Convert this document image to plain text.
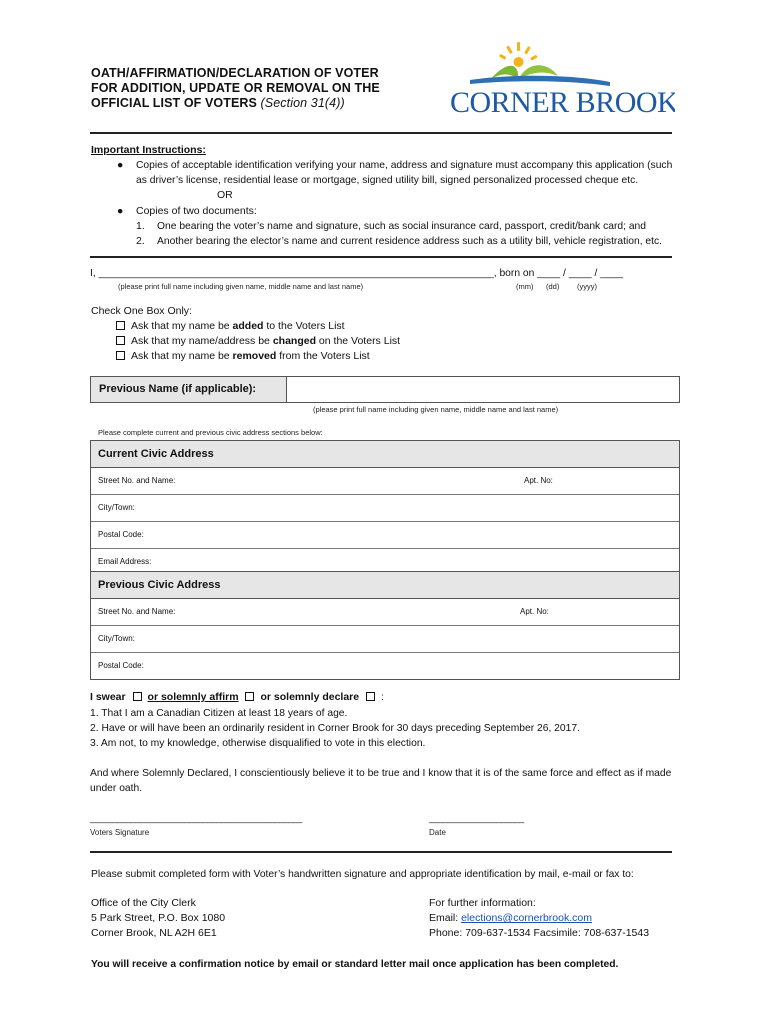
OATH/AFFIRMATION/DECLARATION OF VOTER
FOR ADDITION, UPDATE OR REMOVAL ON THE
OFFICIAL LIST OF VOTERS (Section 31(4))	CORNER BROOK
Important Instructions:
● Copies of acceptable identification verifying your name, address and signature must accompany this application (such
as driver’s license, residential lease or mortgage, signed utility bill, signed personalized processed cheque etc.
OR
● Copies of two documents:
1. One bearing the voter’s name and signature, such as social insurance card, passport, credit/bank card; and
2. Another bearing the elector’s name and current residence address such as a utility bill, vehicle registration, etc.
I, _____________________________________________________________________, born on ____ / ____ / ____
(please print full name including given name, middle name and last name)	(mm) (dd) (yyyy)
Check One Box Only:
Ask that my name be added to the Voters List
Ask that my name/address be changed on the Voters List
Ask that my name be removed from the Voters List
Previous Name (if applicable):
(please print full name including given name, middle name and last name)
Please complete current and previous civic address sections below:
Current Civic Address
Street No. and Name:	Apt. No:
City/Town:
Postal Code:
Email Address:
Previous Civic Address
Street No. and Name:	Apt. No:
City/Town:
Postal Code:
I swear or solemnly affirm or solemnly declare :
1. That I am a Canadian Citizen at least 18 years of age.
2. Have or will have been an ordinarily resident in Corner Brook for 30 days preceding September 26, 2017.
3. Am not, to my knowledge, otherwise disqualified to vote in this election.
And where Solemnly Declared, I conscientiously believe it to be true and I know that it is of the same force and effect as if made
under oath.
_______________________________________________
Voters Signature
_____________________
Date
Please submit completed form with Voter’s handwritten signature and appropriate identification by mail, e-mail or fax to:
Office of the City Clerk
5 Park Street, P.O. Box 1080
Corner Brook, NL A2H 6E1
For further information:
Email: elections@cornerbrook.com
Phone: 709-637-1534 Facsimile: 708-637-1543
You will receive a confirmation notice by email or standard letter mail once application has been completed.
